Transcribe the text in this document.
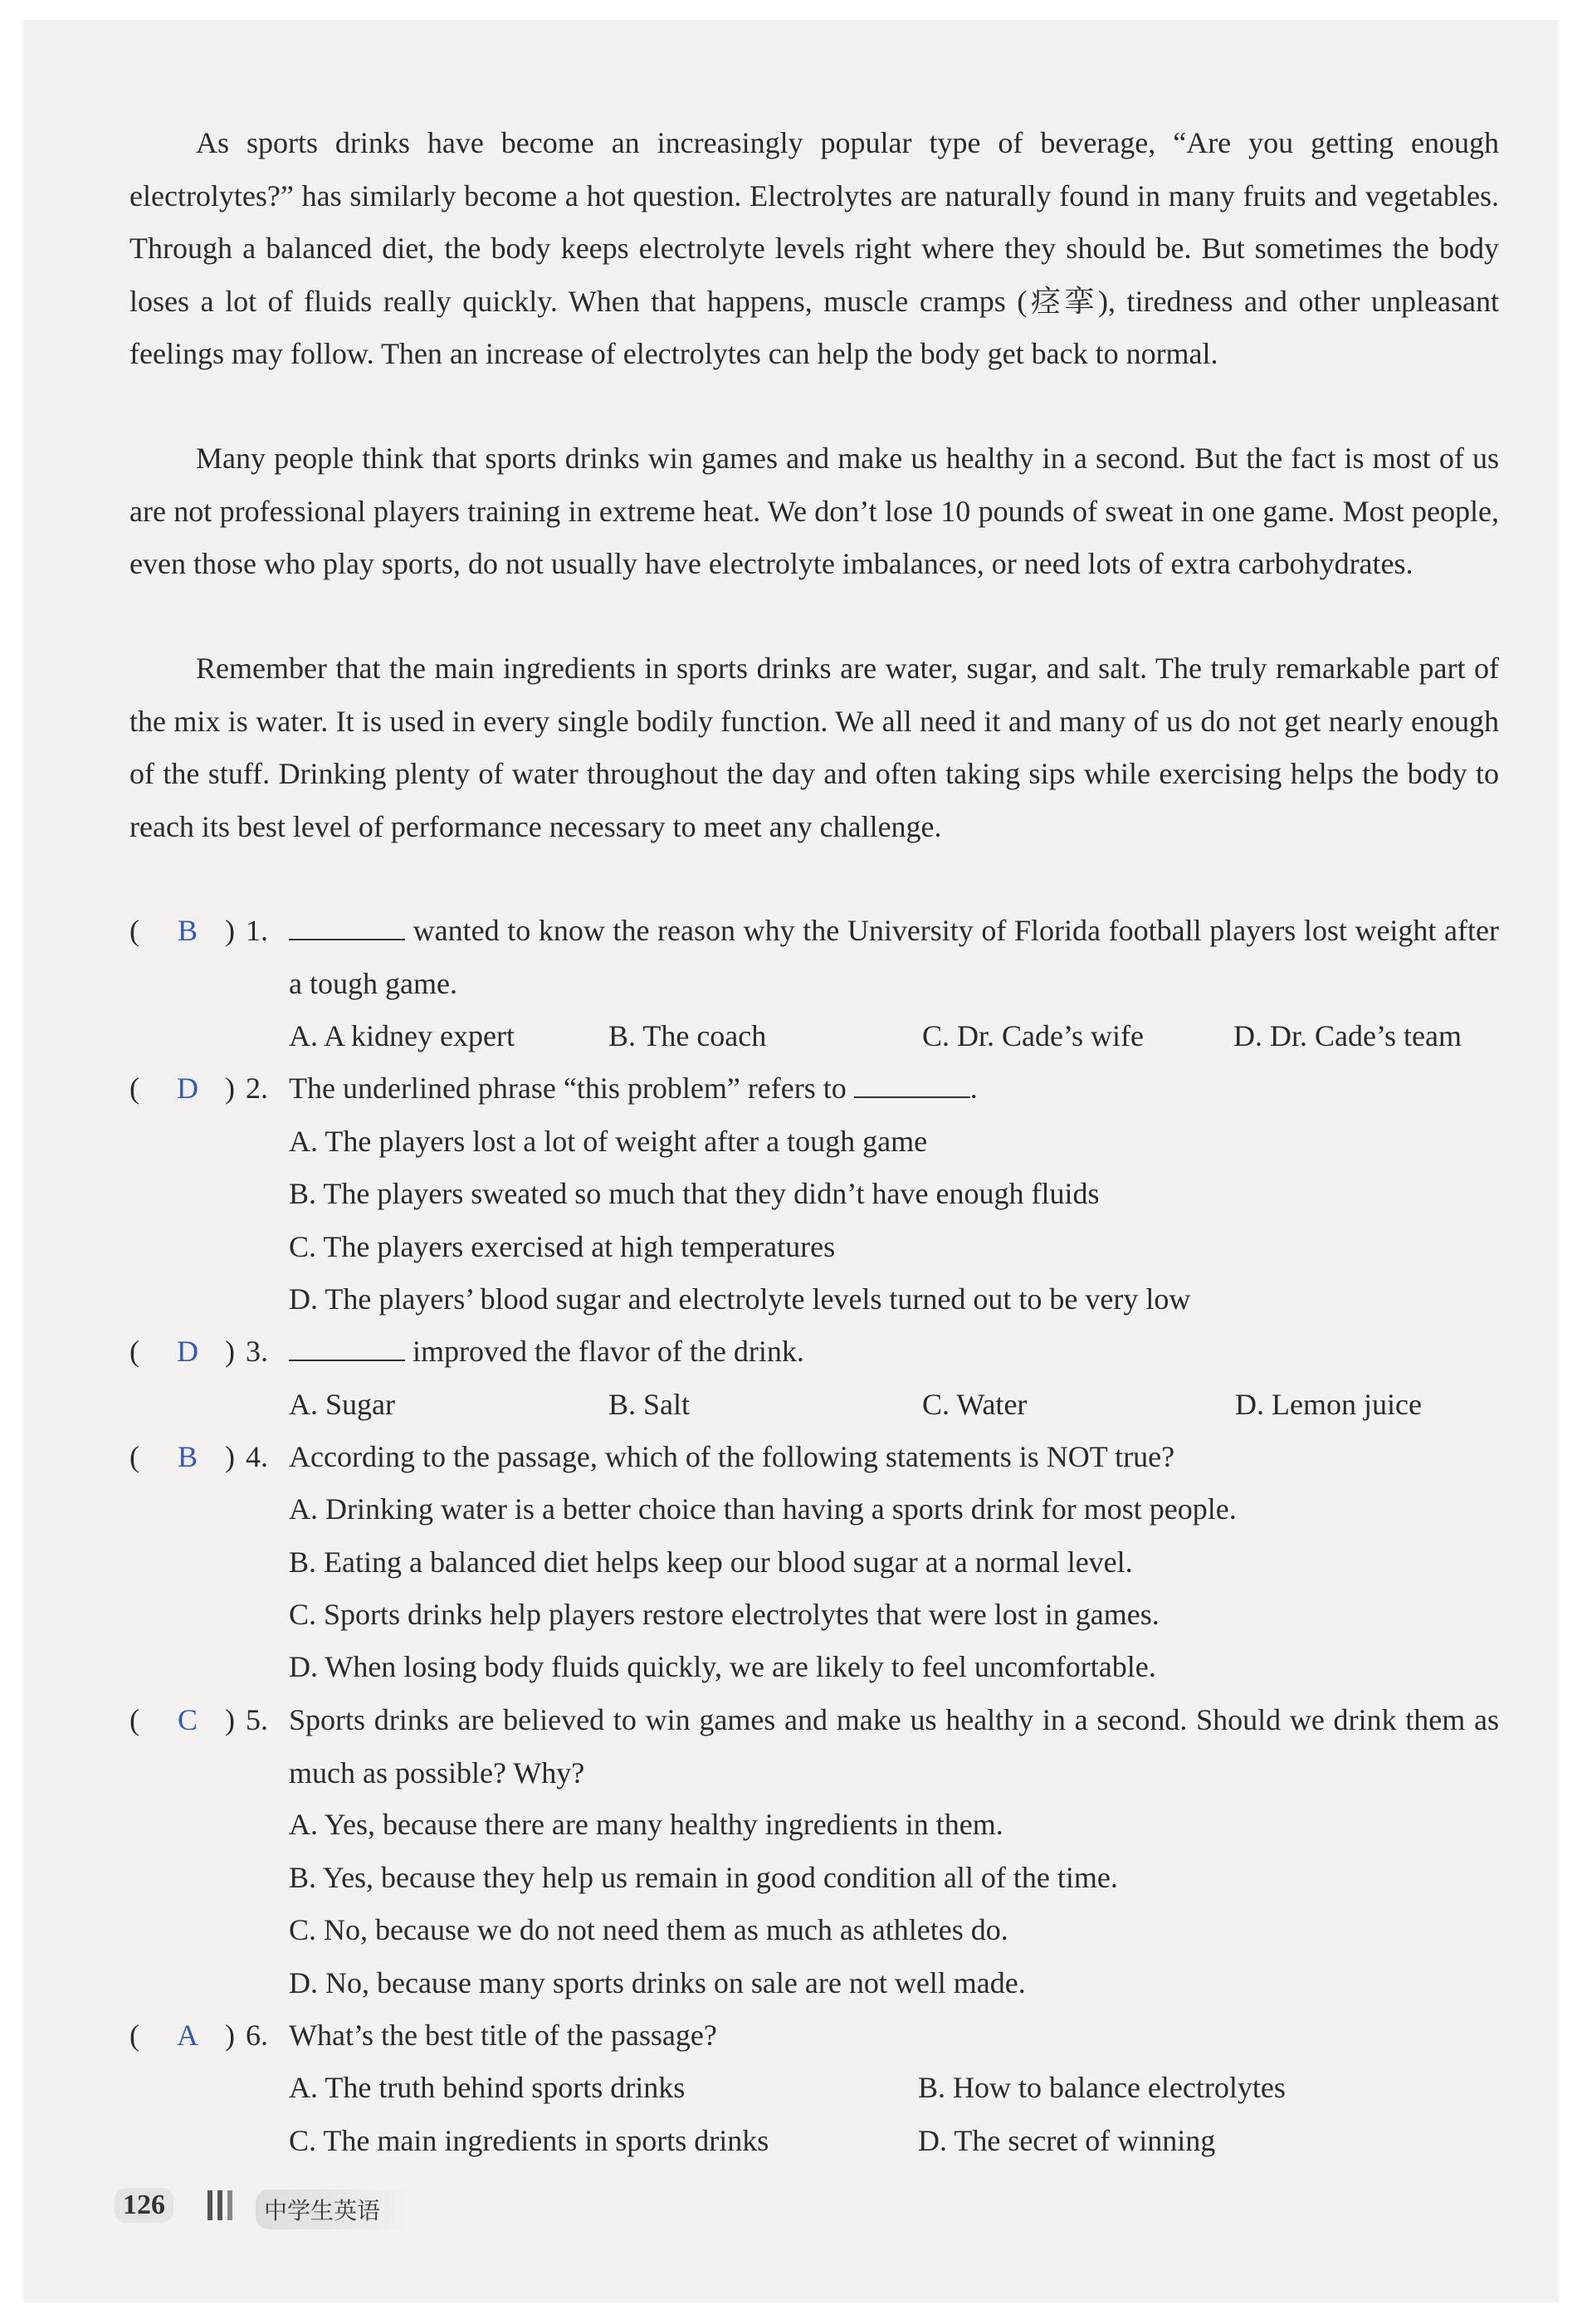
As sports drinks have become an increasingly popular type of beverage, “Are you getting enough electrolytes?” has similarly become a hot question. Electrolytes are naturally found in many fruits and vegetables. Through a balanced diet, the body keeps electrolyte levels right where they should be. But sometimes the body loses a lot of fluids really quickly. When that happens, muscle cramps (痉挛), tiredness and other unpleasant feelings may follow. Then an increase of electrolytes can help the body get back to normal.

Many people think that sports drinks win games and make us healthy in a second. But the fact is most of us are not professional players training in extreme heat. We don’t lose 10 pounds of sweat in one game. Most people, even those who play sports, do not usually have electrolyte imbalances, or need lots of extra carbohydrates.

Remember that the main ingredients in sports drinks are water, sugar, and salt. The truly remarkable part of the mix is water. It is used in every single bodily function. We all need it and many of us do not get nearly enough of the stuff. Drinking plenty of water throughout the day and often taking sips while exercising helps the body to reach its best level of performance necessary to meet any challenge.

(	B ) 1.	wanted to know the reason why the University of Florida football players lost weight after a tough game.
A. A kidney expert	B. The coach	C. Dr. Cade’s wife	D. Dr. Cade’s team
(	D ) 2. The underlined phrase “this problem” refers to	.
A. The players lost a lot of weight after a tough game
B. The players sweated so much that they didn’t have enough fluids
C. The players exercised at high temperatures
D. The players’ blood sugar and electrolyte levels turned out to be very low
(	D ) 3.	improved the flavor of the drink.
A. Sugar	B. Salt	C. Water	D. Lemon juice
(	B ) 4. According to the passage, which of the following statements is NOT true?
A. Drinking water is a better choice than having a sports drink for most people.
B. Eating a balanced diet helps keep our blood sugar at a normal level.
C. Sports drinks help players restore electrolytes that were lost in games.
D. When losing body fluids quickly, we are likely to feel uncomfortable.
(	C ) 5. Sports drinks are believed to win games and make us healthy in a second. Should we drink them as much as possible? Why?
A. Yes, because there are many healthy ingredients in them.
B. Yes, because they help us remain in good condition all of the time.
C. No, because we do not need them as much as athletes do.
D. No, because many sports drinks on sale are not well made.
(	A ) 6. What’s the best title of the passage?
A. The truth behind sports drinks	B. How to balance electrolytes
C. The main ingredients in sports drinks	D. The secret of winning
126	中学生英语
